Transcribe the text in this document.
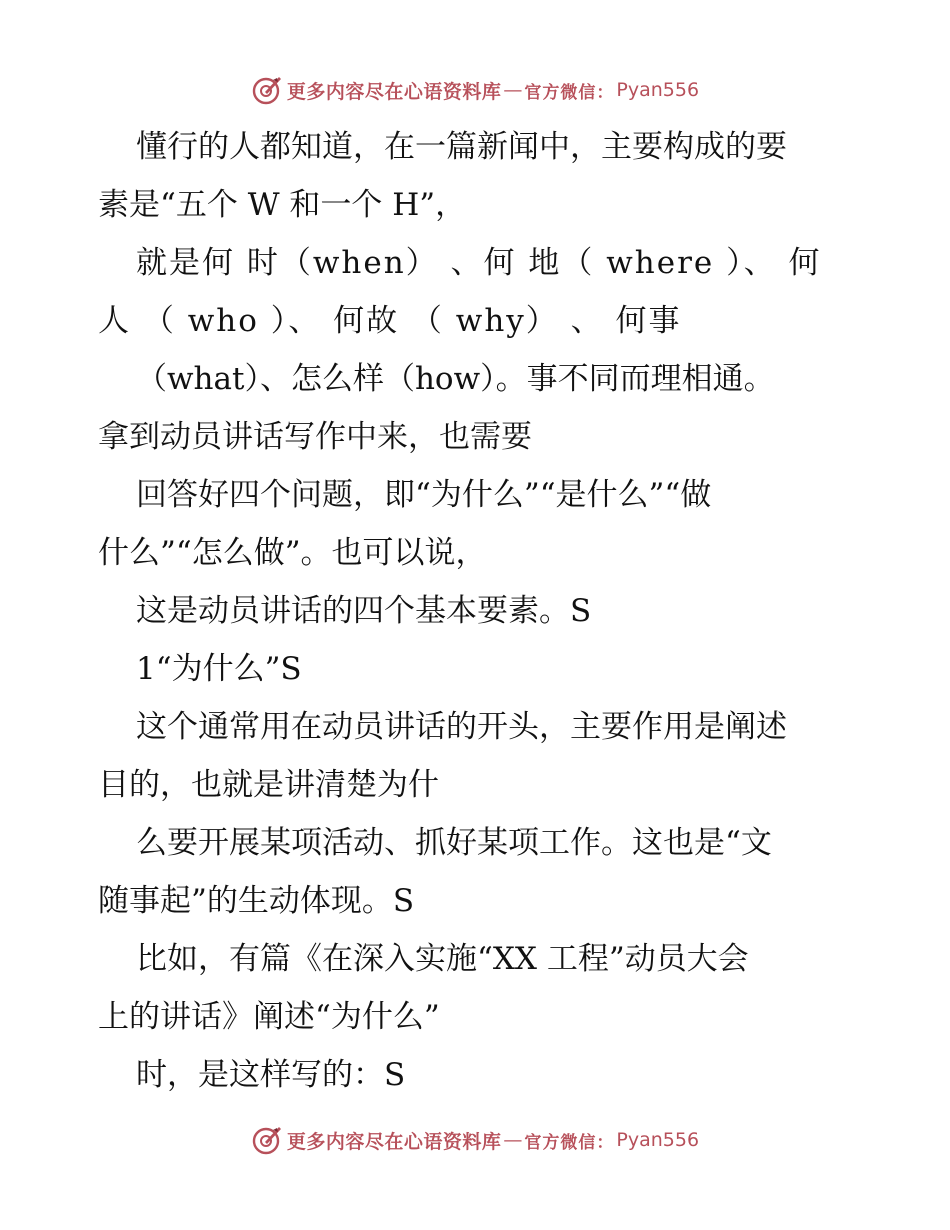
更多内容尽在心语资料库 — 官方微信： Pyan556
懂行的人都知道，在一篇新闻中，主要构成的要
素是“五个 W 和一个 H”，
就是何 时（when） 、何 地（ where ）、 何
人 （ who ）、 何故 （ why） 、 何事
（what）、怎么样（how）。事不同而理相通。
拿到动员讲话写作中来，也需要
回答好四个问题，即“为什么”“是什么”“做
什么”“怎么做”。也可以说，
这是动员讲话的四个基本要素。S
1“为什么”S
这个通常用在动员讲话的开头，主要作用是阐述
目的，也就是讲清楚为什
么要开展某项活动、抓好某项工作。这也是“文
随事起”的生动体现。S
比如，有篇《在深入实施“XX 工程”动员大会
上的讲话》阐述“为什么”
时，是这样写的：S
更多内容尽在心语资料库 — 官方微信： Pyan556
